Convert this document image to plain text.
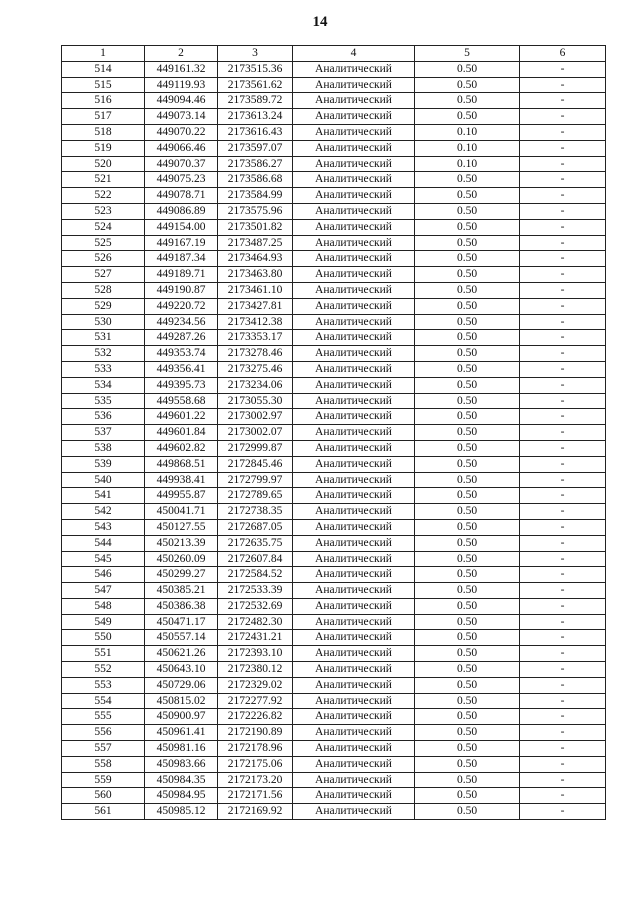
14
1	2	3	4	5	6
514	449161.32	2173515.36	Аналитический	0.50	-
515	449119.93	2173561.62	Аналитический	0.50	-
516	449094.46	2173589.72	Аналитический	0.50	-
517	449073.14	2173613.24	Аналитический	0.50	-
518	449070.22	2173616.43	Аналитический	0.10	-
519	449066.46	2173597.07	Аналитический	0.10	-
520	449070.37	2173586.27	Аналитический	0.10	-
521	449075.23	2173586.68	Аналитический	0.50	-
522	449078.71	2173584.99	Аналитический	0.50	-
523	449086.89	2173575.96	Аналитический	0.50	-
524	449154.00	2173501.82	Аналитический	0.50	-
525	449167.19	2173487.25	Аналитический	0.50	-
526	449187.34	2173464.93	Аналитический	0.50	-
527	449189.71	2173463.80	Аналитический	0.50	-
528	449190.87	2173461.10	Аналитический	0.50	-
529	449220.72	2173427.81	Аналитический	0.50	-
530	449234.56	2173412.38	Аналитический	0.50	-
531	449287.26	2173353.17	Аналитический	0.50	-
532	449353.74	2173278.46	Аналитический	0.50	-
533	449356.41	2173275.46	Аналитический	0.50	-
534	449395.73	2173234.06	Аналитический	0.50	-
535	449558.68	2173055.30	Аналитический	0.50	-
536	449601.22	2173002.97	Аналитический	0.50	-
537	449601.84	2173002.07	Аналитический	0.50	-
538	449602.82	2172999.87	Аналитический	0.50	-
539	449868.51	2172845.46	Аналитический	0.50	-
540	449938.41	2172799.97	Аналитический	0.50	-
541	449955.87	2172789.65	Аналитический	0.50	-
542	450041.71	2172738.35	Аналитический	0.50	-
543	450127.55	2172687.05	Аналитический	0.50	-
544	450213.39	2172635.75	Аналитический	0.50	-
545	450260.09	2172607.84	Аналитический	0.50	-
546	450299.27	2172584.52	Аналитический	0.50	-
547	450385.21	2172533.39	Аналитический	0.50	-
548	450386.38	2172532.69	Аналитический	0.50	-
549	450471.17	2172482.30	Аналитический	0.50	-
550	450557.14	2172431.21	Аналитический	0.50	-
551	450621.26	2172393.10	Аналитический	0.50	-
552	450643.10	2172380.12	Аналитический	0.50	-
553	450729.06	2172329.02	Аналитический	0.50	-
554	450815.02	2172277.92	Аналитический	0.50	-
555	450900.97	2172226.82	Аналитический	0.50	-
556	450961.41	2172190.89	Аналитический	0.50	-
557	450981.16	2172178.96	Аналитический	0.50	-
558	450983.66	2172175.06	Аналитический	0.50	-
559	450984.35	2172173.20	Аналитический	0.50	-
560	450984.95	2172171.56	Аналитический	0.50	-
561	450985.12	2172169.92	Аналитический	0.50	-
